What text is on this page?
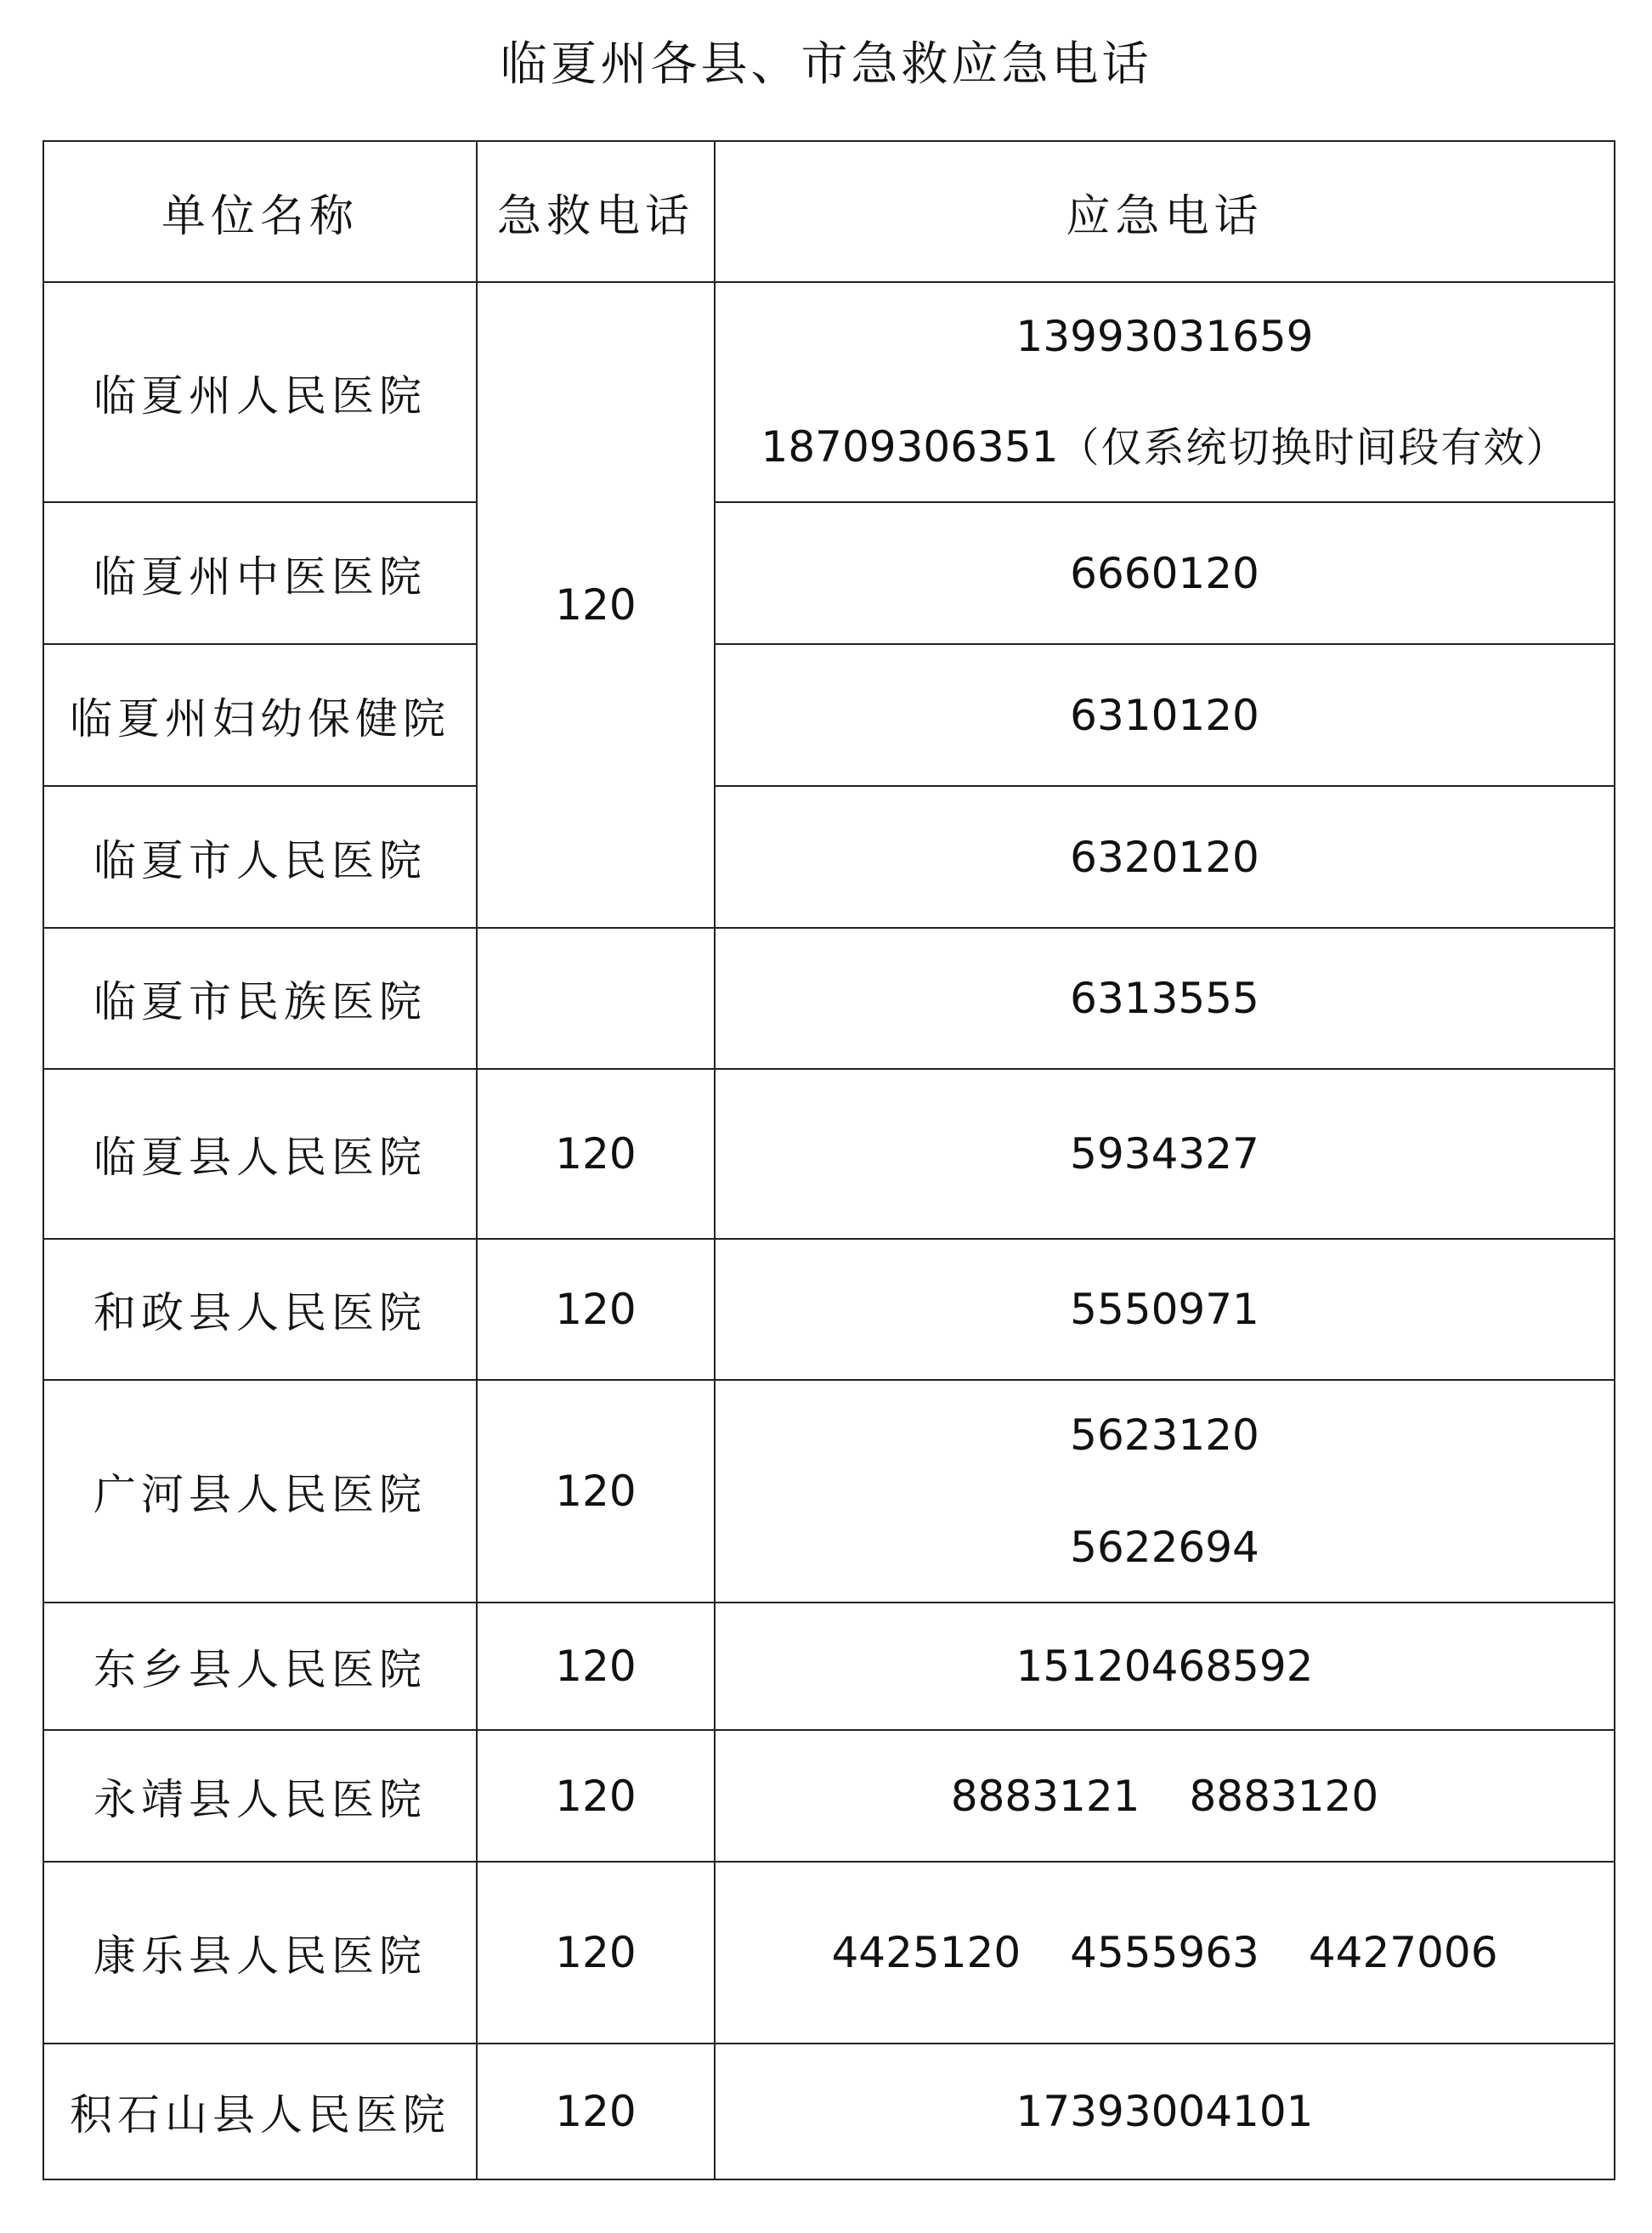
临夏州各县、市急救应急电话
单位名称	急救电话	应急电话
临夏州人民医院	120	13993031659
18709306351（仅系统切换时间段有效）

临夏州中医医院		6660120
临夏州妇幼保健院		6310120
临夏市人民医院		6320120
临夏市民族医院		6313555
临夏县人民医院	120	5934327
和政县人民医院	120	5550971
广河县人民医院	120	5623120
5622694

东乡县人民医院	120	15120468592
永靖县人民医院	120	8883121 8883120
康乐县人民医院	120	4425120 4555963 4427006
积石山县人民医院	120	17393004101
